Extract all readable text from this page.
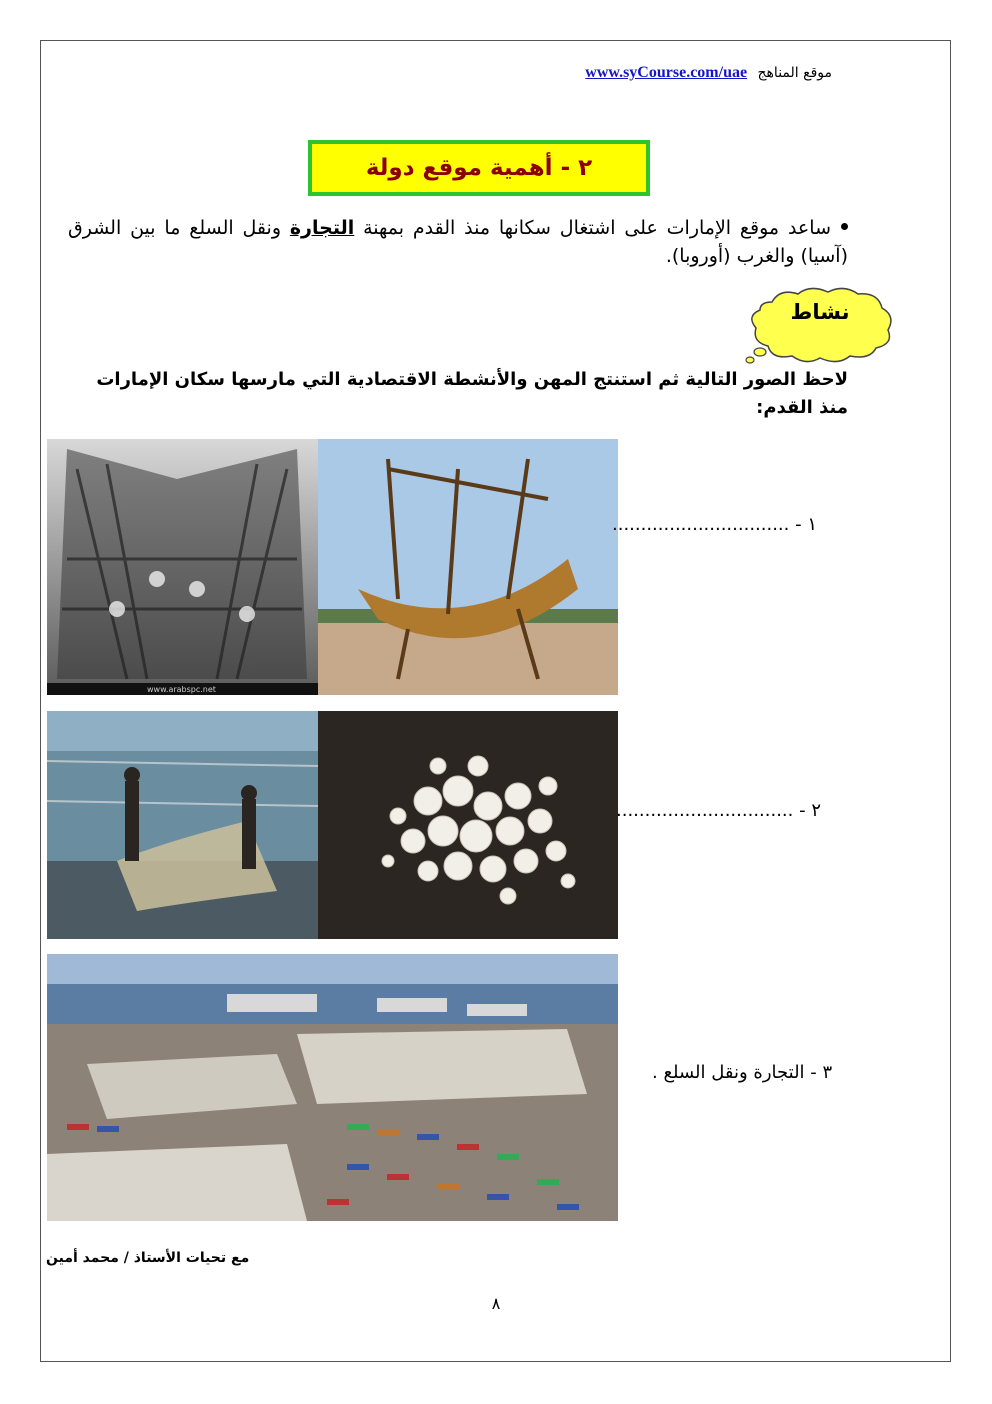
موقع المناهج www.syCourse.com/uae
٢ - أهمية موقع دولة
ساعد موقع الإمارات على اشتغال سكانها منذ القدم بمهنة التجارة ونقل السلع ما بين الشرق (آسيا) والغرب (أوروبا).
نشاط
لاحظ الصور التالية ثم استنتج المهن والأنشطة الاقتصادية التي مارسها سكان الإمارات منذ القدم:
www.arabspc.net
١ - ...............................
٢ - ...............................
٣ - التجارة ونقل السلع .
مع تحيات الأستاذ / محمد أمين
٨
